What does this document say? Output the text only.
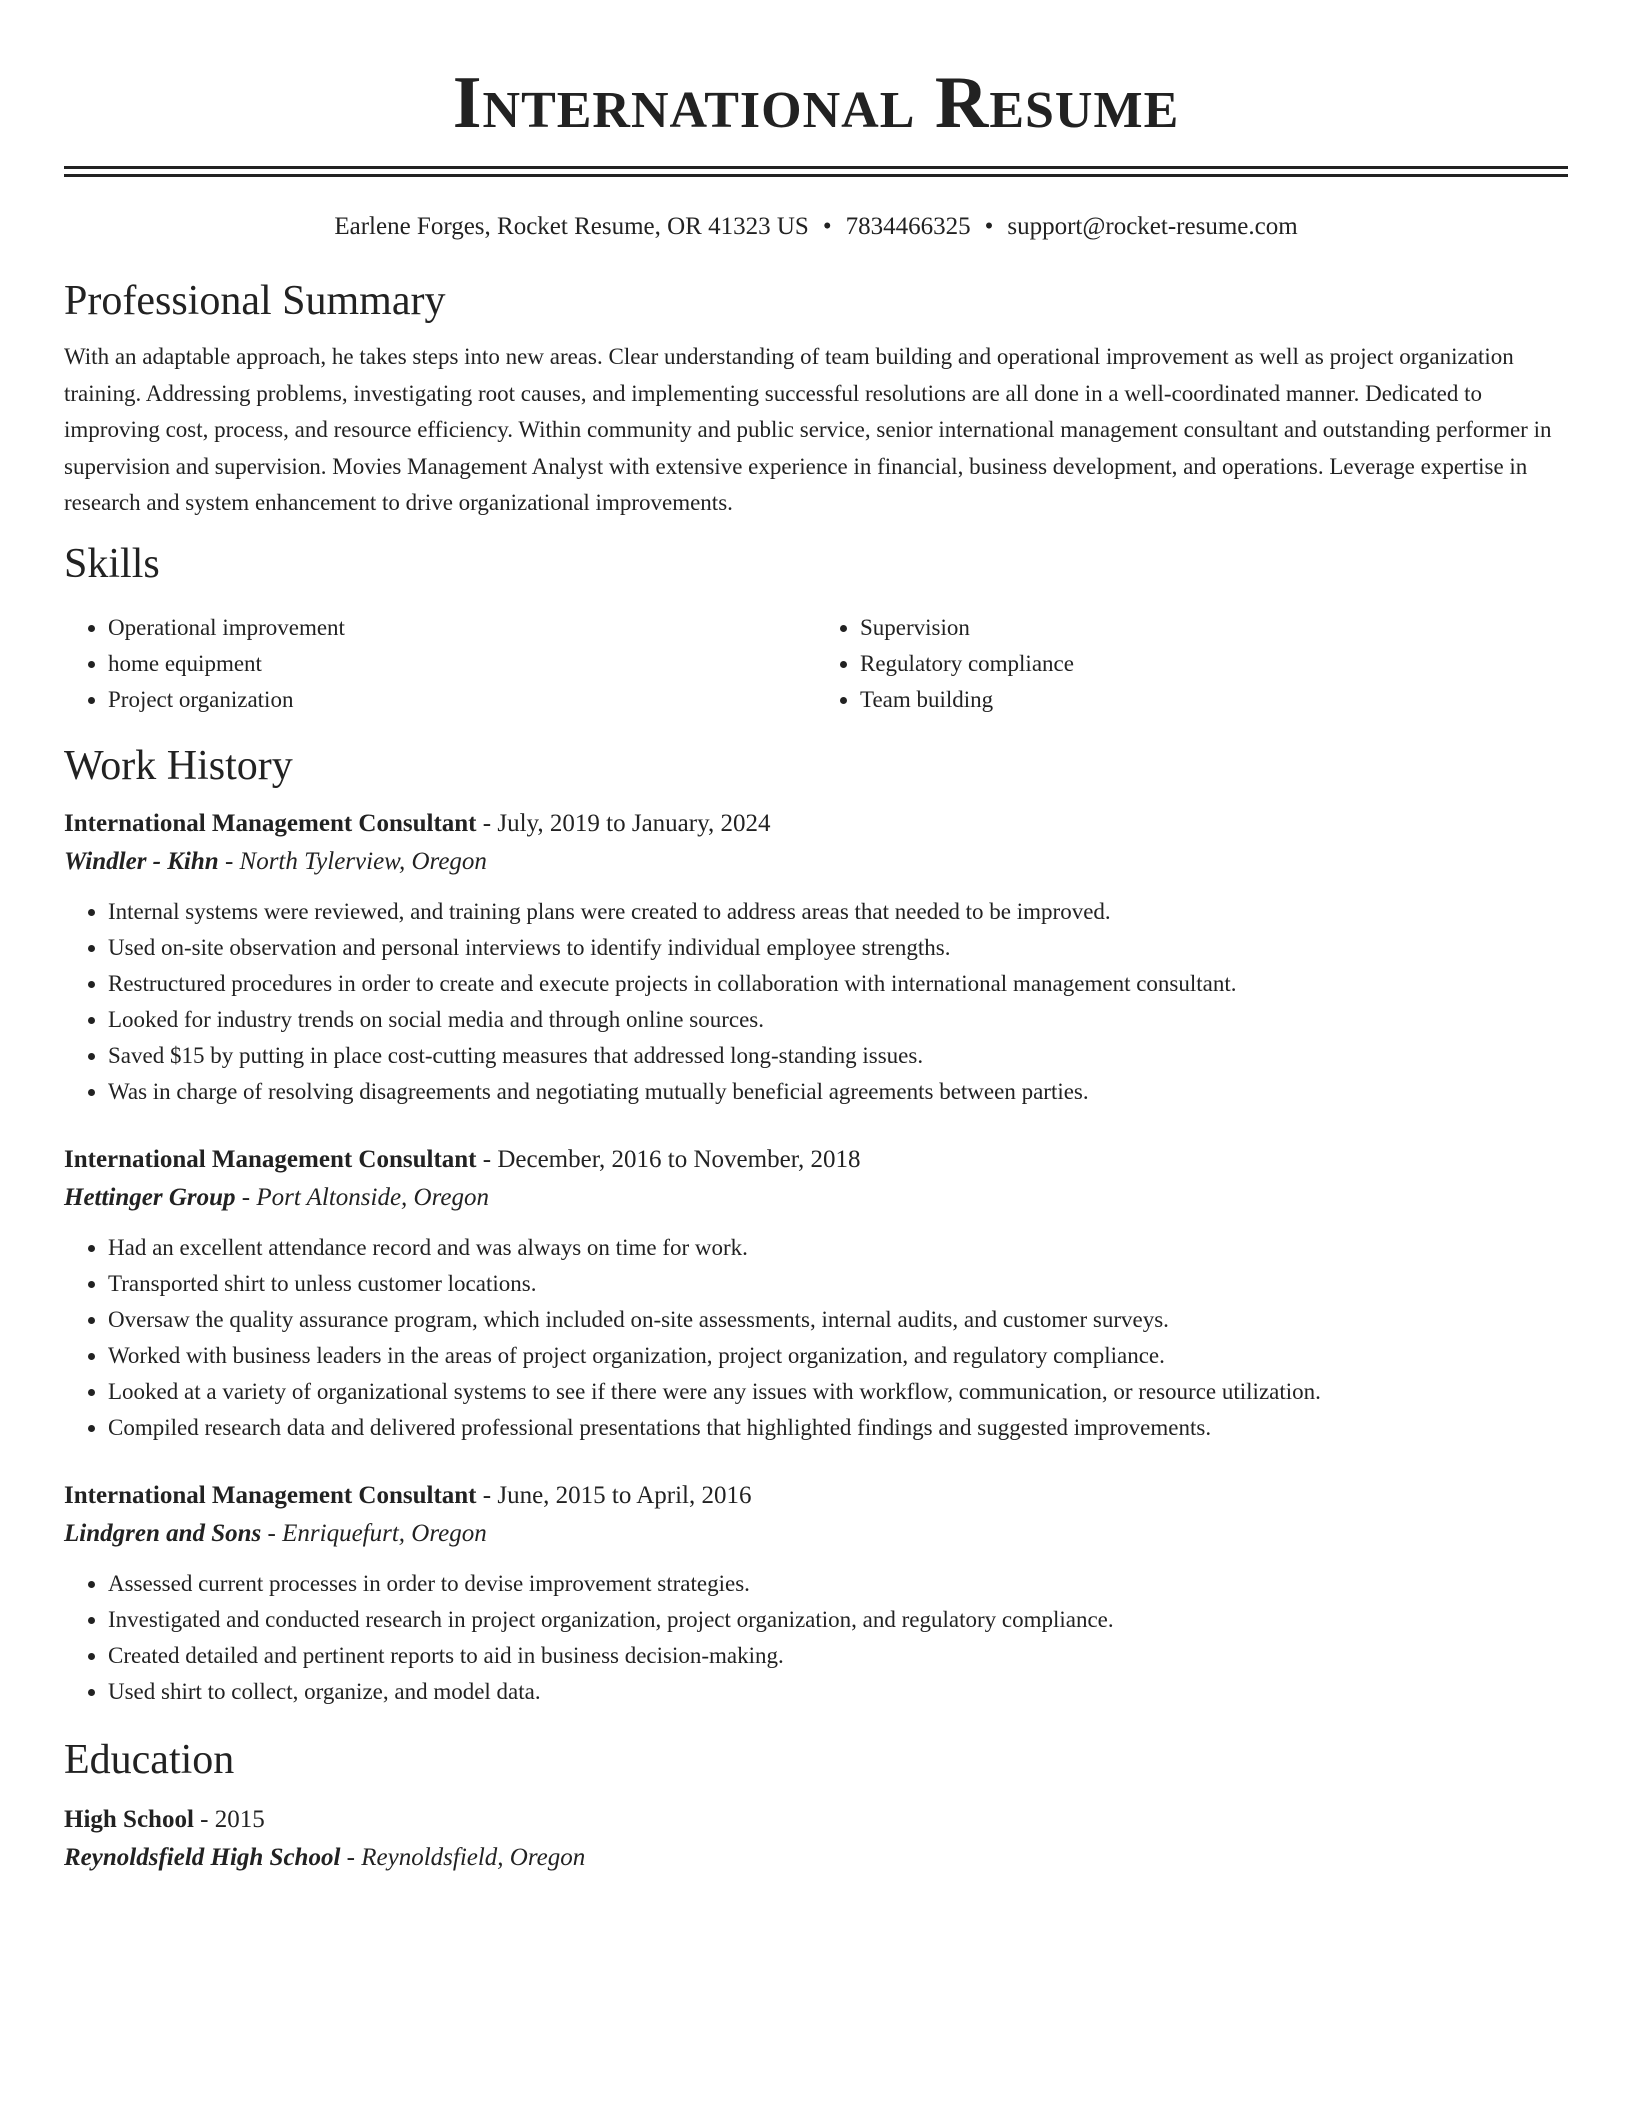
International Resume
Earlene Forges, Rocket Resume, OR 41323 US • 7834466325 • support@rocket-resume.com
Professional Summary

With an adaptable approach, he takes steps into new areas. Clear understanding of team building and operational improvement as well as project organization training. Addressing problems, investigating root causes, and implementing successful resolutions are all done in a well-coordinated manner. Dedicated to improving cost, process, and resource efficiency. Within community and public service, senior international management consultant and outstanding performer in supervision and supervision. Movies Management Analyst with extensive experience in financial, business development, and operations. Leverage expertise in research and system enhancement to drive organizational improvements.

Skills
• Operational improvement
• home equipment
• Project organization
• Supervision
• Regulatory compliance
• Team building
Work History
International Management Consultant - July, 2019 to January, 2024
Windler - Kihn - North Tylerview, Oregon
• Internal systems were reviewed, and training plans were created to address areas that needed to be improved.
• Used on-site observation and personal interviews to identify individual employee strengths.
• Restructured procedures in order to create and execute projects in collaboration with international management consultant.
• Looked for industry trends on social media and through online sources.
• Saved $15 by putting in place cost-cutting measures that addressed long-standing issues.
• Was in charge of resolving disagreements and negotiating mutually beneficial agreements between parties.
International Management Consultant - December, 2016 to November, 2018
Hettinger Group - Port Altonside, Oregon
• Had an excellent attendance record and was always on time for work.
• Transported shirt to unless customer locations.
• Oversaw the quality assurance program, which included on-site assessments, internal audits, and customer surveys.
• Worked with business leaders in the areas of project organization, project organization, and regulatory compliance.
• Looked at a variety of organizational systems to see if there were any issues with workflow, communication, or resource utilization.
• Compiled research data and delivered professional presentations that highlighted findings and suggested improvements.
International Management Consultant - June, 2015 to April, 2016
Lindgren and Sons - Enriquefurt, Oregon
• Assessed current processes in order to devise improvement strategies.
• Investigated and conducted research in project organization, project organization, and regulatory compliance.
• Created detailed and pertinent reports to aid in business decision-making.
• Used shirt to collect, organize, and model data.
Education
High School - 2015
Reynoldsfield High School - Reynoldsfield, Oregon
